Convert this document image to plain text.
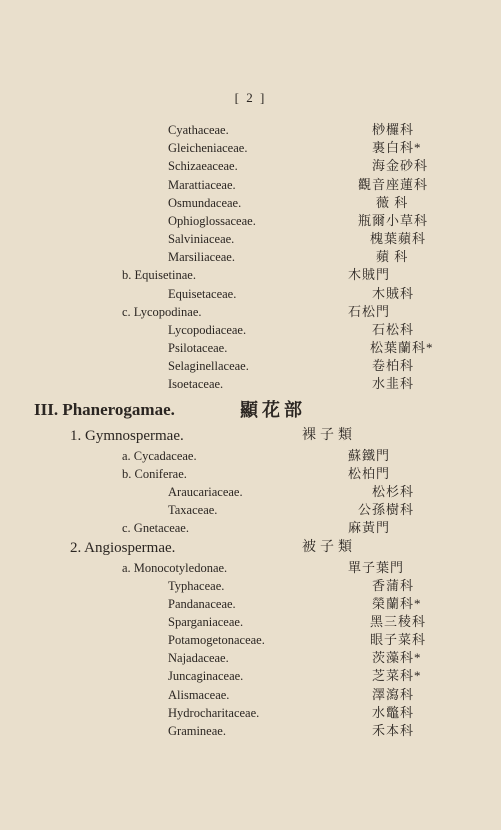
[ 2 ]
Cyathaceae.	桫欏科
Gleicheniaceae.	裏白科*
Schizaeaceae.	海金砂科
Marattiaceae.	觀音座蓮科
Osmundaceae.	薇 科
Ophioglossaceae.	瓶爾小草科
Salviniaceae.	槐葉蘋科
Marsiliaceae.	蘋 科
b. Equisetinae.	木賊門
Equisetaceae.	木賊科
c. Lycopodinae.	石松門
Lycopodiaceae.	石松科
Psilotaceae.	松葉蘭科*
Selaginellaceae.	卷柏科
Isoetaceae.	水韭科
III. Phanerogamae.	顯花部
1. Gymnospermae.	裸子類
a. Cycadaceae.	蘇鐵門
b. Coniferae.	松柏門
Araucariaceae.	松杉科
Taxaceae.	公孫樹科
c. Gnetaceae.	麻黃門
2. Angiospermae.	被子類
a. Monocotyledonae.	單子葉門
Typhaceae.	香蒲科
Pandanaceae.	榮蘭科*
Sparganiaceae.	黑三稜科
Potamogetonaceae.	眼子菜科
Najadaceae.	茨藻科*
Juncaginaceae.	芝菜科*
Alismaceae.	澤瀉科
Hydrocharitaceae.	水鼈科
Gramineae.	禾本科
